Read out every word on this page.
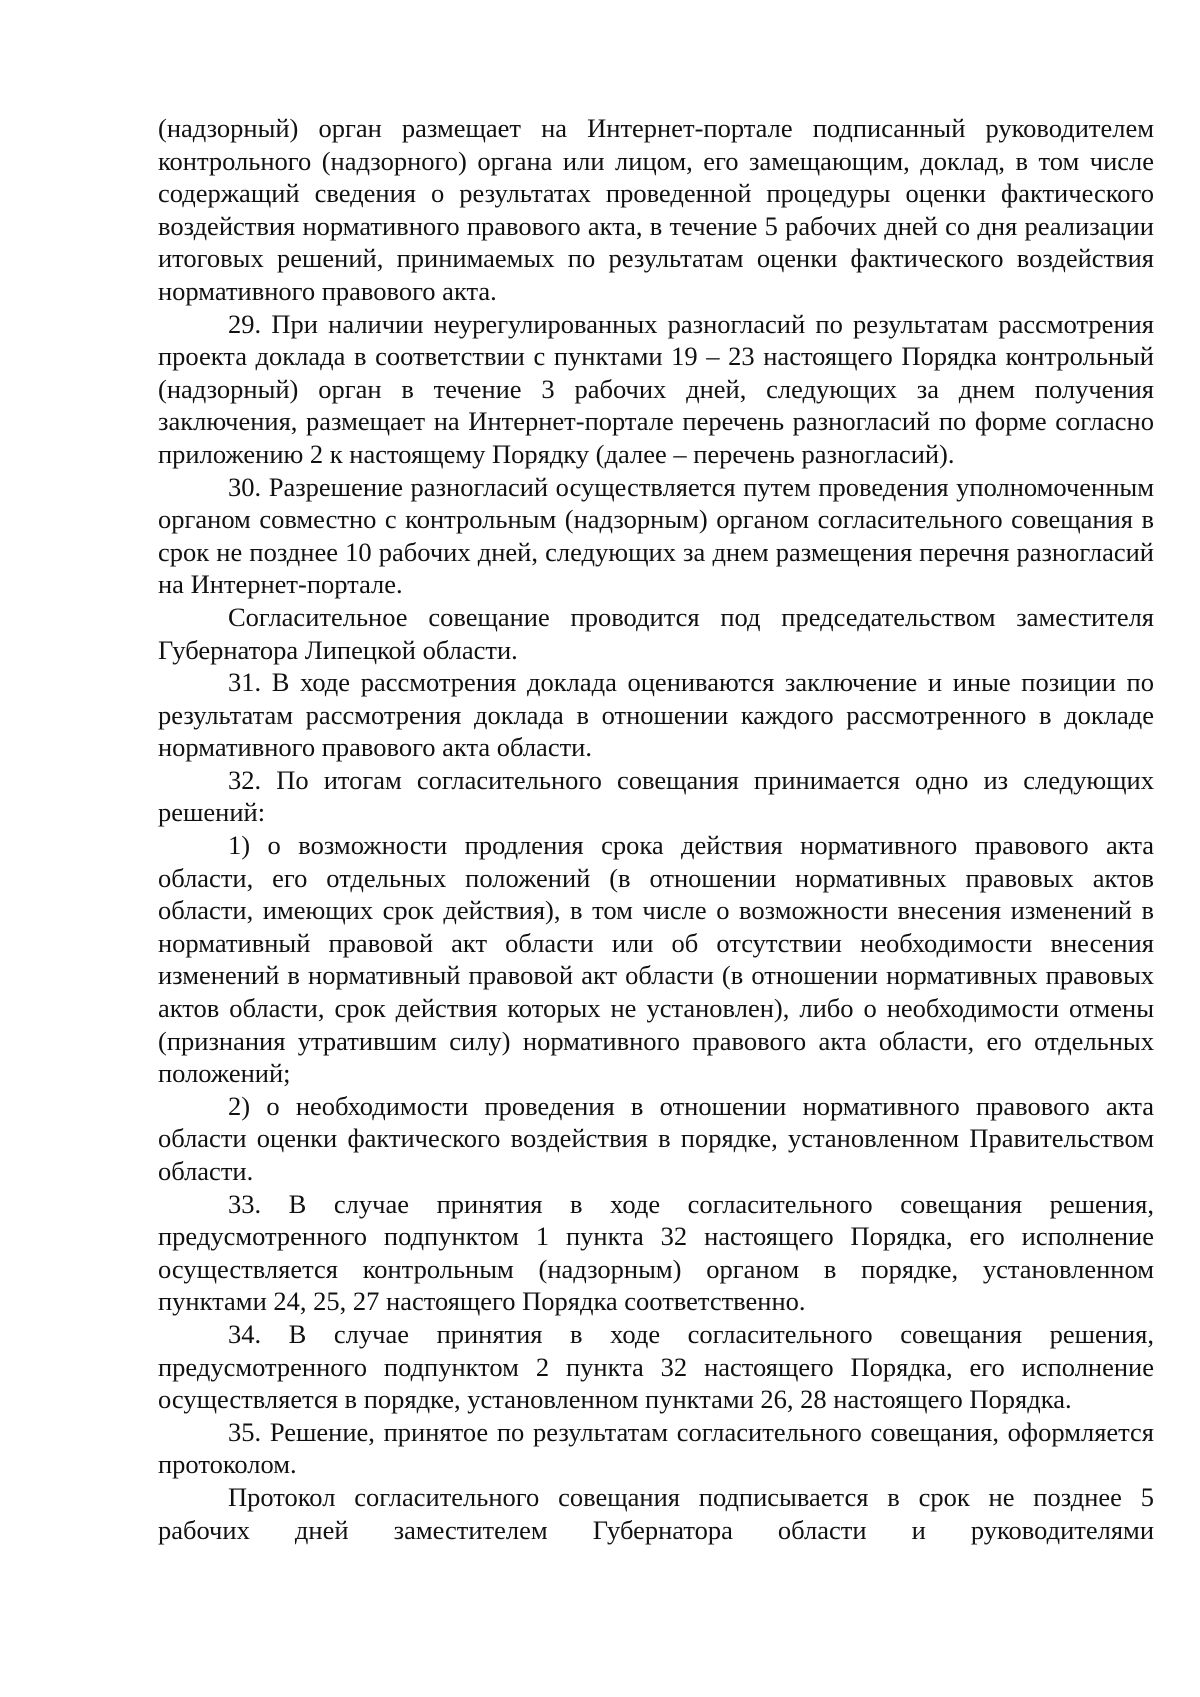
(надзорный) орган размещает на Интернет-портале подписанный руководителем контрольного (надзорного) органа или лицом, его замещающим, доклад, в том числе содержащий сведения о результатах проведенной процедуры оценки фактического воздействия нормативного правового акта, в течение 5 рабочих дней со дня реализации итоговых решений, принимаемых по результатам оценки фактического воздействия нормативного правового акта.

29. При наличии неурегулированных разногласий по результатам рассмотрения проекта доклада в соответствии с пунктами 19 – 23 настоящего Порядка контрольный (надзорный) орган в течение 3 рабочих дней, следующих за днем получения заключения, размещает на Интернет-портале перечень разногласий по форме согласно приложению 2 к настоящему Порядку (далее – перечень разногласий).

30. Разрешение разногласий осуществляется путем проведения уполномоченным органом совместно с контрольным (надзорным) органом согласительного совещания в срок не позднее 10 рабочих дней, следующих за днем размещения перечня разногласий на Интернет-портале.

Согласительное совещание проводится под председательством заместителя Губернатора Липецкой области.

31. В ходе рассмотрения доклада оцениваются заключение и иные позиции по результатам рассмотрения доклада в отношении каждого рассмотренного в докладе нормативного правового акта области.

32. По итогам согласительного совещания принимается одно из следующих решений:

1) о возможности продления срока действия нормативного правового акта области, его отдельных положений (в отношении нормативных правовых актов области, имеющих срок действия), в том числе о возможности внесения изменений в нормативный правовой акт области или об отсутствии необходимости внесения изменений в нормативный правовой акт области (в отношении нормативных правовых актов области, срок действия которых не установлен), либо о необходимости отмены (признания утратившим силу) нормативного правового акта области, его отдельных положений;

2) о необходимости проведения в отношении нормативного правового акта области оценки фактического воздействия в порядке, установленном Правительством области.

33. В случае принятия в ходе согласительного совещания решения, предусмотренного подпунктом 1 пункта 32 настоящего Порядка, его исполнение осуществляется контрольным (надзорным) органом в порядке, установленном пунктами 24, 25, 27 настоящего Порядка соответственно.

34. В случае принятия в ходе согласительного совещания решения, предусмотренного подпунктом 2 пункта 32 настоящего Порядка, его исполнение осуществляется в порядке, установленном пунктами 26, 28 настоящего Порядка.

35. Решение, принятое по результатам согласительного совещания, оформляется протоколом.

Протокол согласительного совещания подписывается в срок не позднее 5 рабочих дней заместителем Губернатора области и руководителями
